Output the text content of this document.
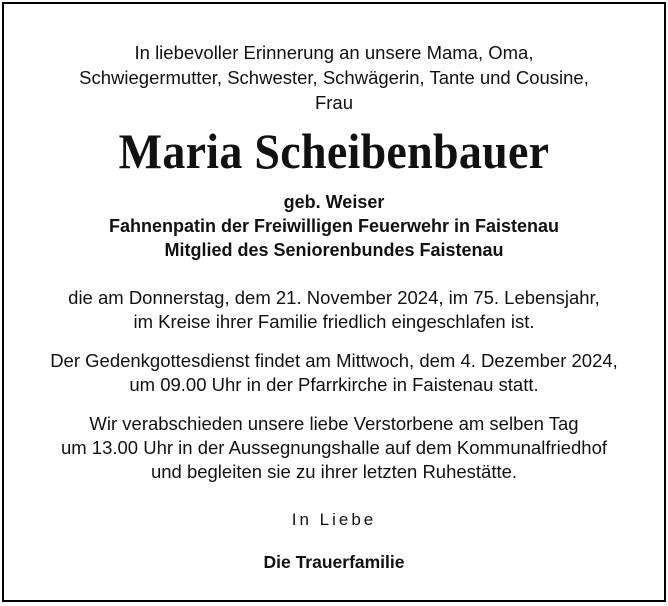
In liebevoller Erinnerung an unsere Mama, Oma,
Schwiegermutter, Schwester, Schwägerin, Tante und Cousine,
Frau
Maria Scheibenbauer
geb. Weiser
Fahnenpatin der Freiwilligen Feuerwehr in Faistenau
Mitglied des Seniorenbundes Faistenau
die am Donnerstag, dem 21. November 2024, im 75. Lebensjahr,
im Kreise ihrer Familie friedlich eingeschlafen ist.
Der Gedenkgottesdienst findet am Mittwoch, dem 4. Dezember 2024,
um 09.00 Uhr in der Pfarrkirche in Faistenau statt.
Wir verabschieden unsere liebe Verstorbene am selben Tag
um 13.00 Uhr in der Aussegnungshalle auf dem Kommunalfriedhof
und begleiten sie zu ihrer letzten Ruhestätte.
In Liebe
Die Trauerfamilie
